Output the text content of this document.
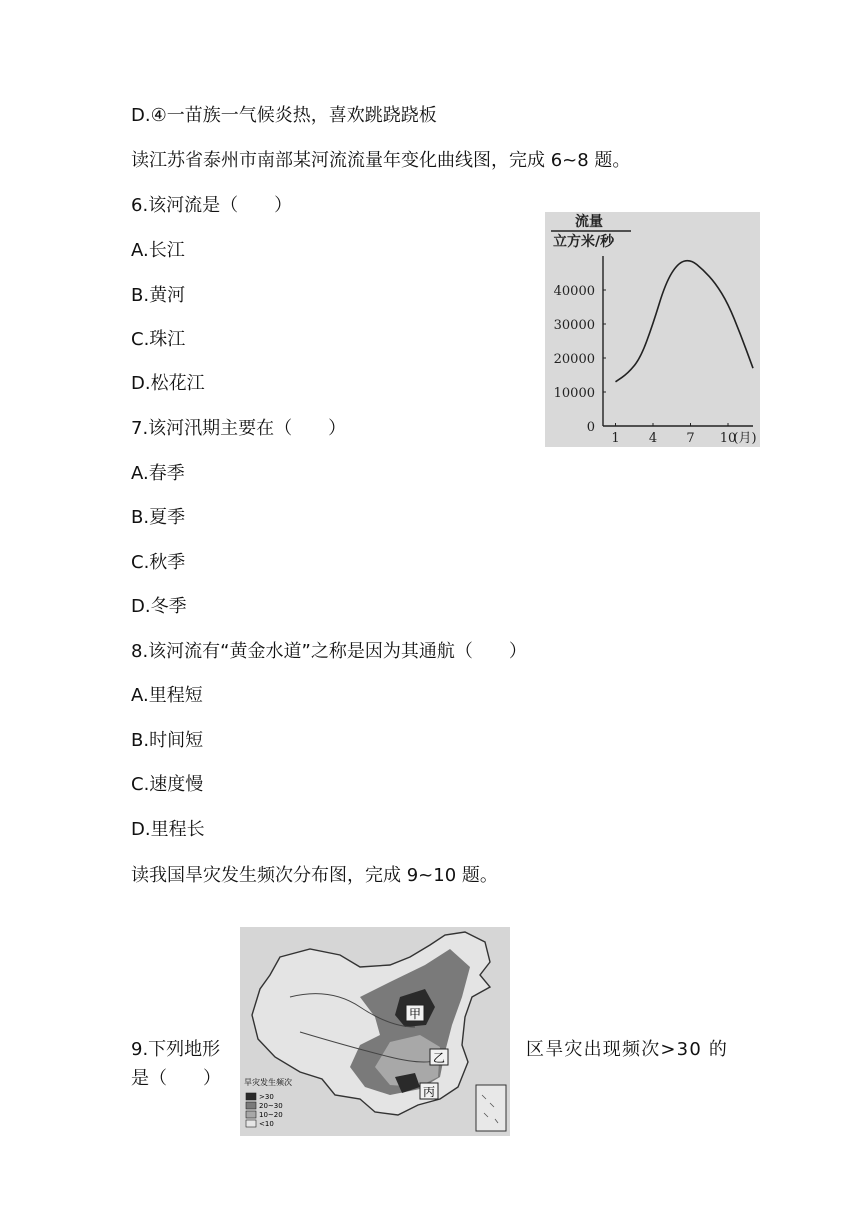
D.④一苗族一气候炎热，喜欢跳跷跷板
读江苏省泰州市南部某河流流量年变化曲线图，完成 6~8 题。
6.该河流是（　　）
A.长江
B.黄河
C.珠江
D.松花江
7.该河汛期主要在（　　）
A.春季
B.夏季
C.秋季
D.冬季
8.该河流有“黄金水道”之称是因为其通航（　　）
A.里程短
B.时间短
C.速度慢
D.里程长
读我国旱灾发生频次分布图，完成 9~10 题。
流量
立方米/秒
0
10000
20000
30000
40000
1 4 7 10
(月)
甲
乙
丙
旱灾发生频次
>30
20~30
10~20
<10
9.下列地形	区旱灾出现频次>30 的
是（　　）
